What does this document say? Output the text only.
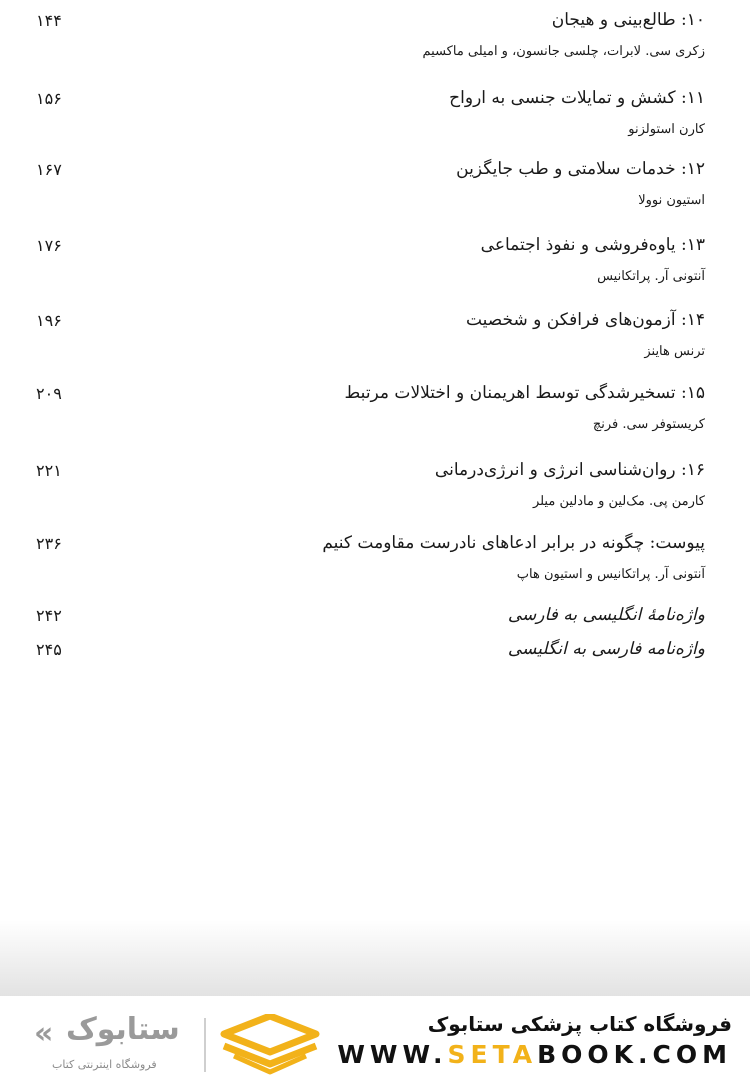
۱۰: طالع‌بینی و هیجان
زکری سی. لابرات، چلسی جانسون، و امیلی ماکسیم
۱۴۴
۱۱: کشش و تمایلات جنسی به ارواح
کارن استولزنو
۱۵۶
۱۲: خدمات سلامتی و طب جایگزین
استیون نوولا
۱۶۷
۱۳: یاوه‌فروشی و نفوذ اجتماعی
آنتونی آر. پراتکانیس
۱۷۶
۱۴: آزمون‌های فرافکن و شخصیت
ترنس هاینز
۱۹۶
۱۵: تسخیرشدگی توسط اهریمنان و اختلالات مرتبط
کریستوفر سی. فرنچ
۲۰۹
۱۶: روان‌شناسی انرژی و انرژی‌درمانی
کارمن پی. مک‌لین و مادلین میلر
۲۲۱
پیوست: چگونه در برابر ادعاهای نادرست مقاومت کنیم
آنتونی آر. پراتکانیس و استیون هاپ
۲۳۶
واژه‌نامهٔ انگلیسی به فارسی
۲۴۲
واژه‌نامه فارسی به انگلیسی
۲۴۵
فروشگاه کتاب پزشکی ستابوک
WWW.SETABOOK.COM
« ستابوک
فروشگاه اینترنتی کتاب
